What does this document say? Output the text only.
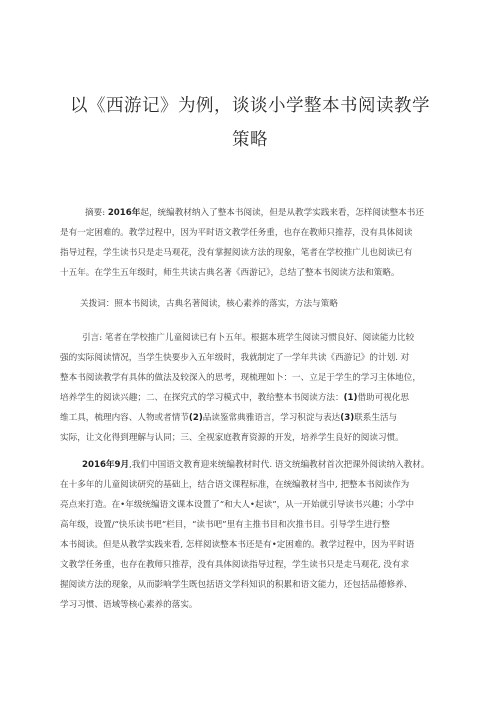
以《西游记》为例，谈谈小学整本书阅读教学
策略
摘要: 2016年起，统编教材纳入了整本书阅读，但是从教学实践来看，怎样阅读整本书还
是有一定困难的。教学过程中，因为平时语文教学任务重，也存在教师只推荐，没有具体阅读
指导过程，学生读书只是走马观花，没有掌握阅读方法的现象，笔者在学校推广儿也阅读已有
十五年。在学生五年级时，师生共读古典名著《西游记》，总结了整本书阅读方法和策略。
关拨词：照本书阅读，古典名著阅读，核心素养的落实，方法与策略
引言: 笔者在学校推广儿童阅读已有卜五年。根据本班学生阅读习惯良好、阅读能力比较
强的实际阅读情况，当学生快要步入五年级时，我就制定了一学年共读《西游记》的计划. 对
整本书阅读教学有具体的做法及较深入的思考，现梳理如卜：一、立足于学生的学习主体地位，
培养学生的阅读兴趣；二、在探究式的学习模式中，教给整本书阅读方法：(1)借助可视化思
维工具，梳理内容、人物或者情节(2)品读鉴常典雅语言，学习积淀与表达(3)联系生活与
实际，让文化得到理解与认同；三、全视家庭教育资源的开发，培养学生良好的阅读习惯。
2016年9月,我们中国语文教育迎来统编教材时代. 语文统编教材首次把课外阅读纳入教材。
在十多年的儿童阅读研究的基础上，结合语文课程标准，在统编教材当中, 把整本书阅读作为
亮点来打造。在•年级统编语文课本设置了“和大人•起读”，从一开始就引导读书兴趣；小学中
高年级，设置/“快乐读书吧”栏目，“读书吧”里有主推书目和次推书目。引导学生进行整
本书阅读。但是从教学实践来看, 怎样阅读整本书还是有•定困难的。教学过程中，因为平时语
文教学任务重，也存在教师只推荐，没有具体阅读指导过程，学生读书只是走马观花, 没有求
握阅读方法的现象，从而影响学生既包括语文学科知识的积累和语文能力，还包括品德修养、
学习习惯、语域等核心素养的落实。
